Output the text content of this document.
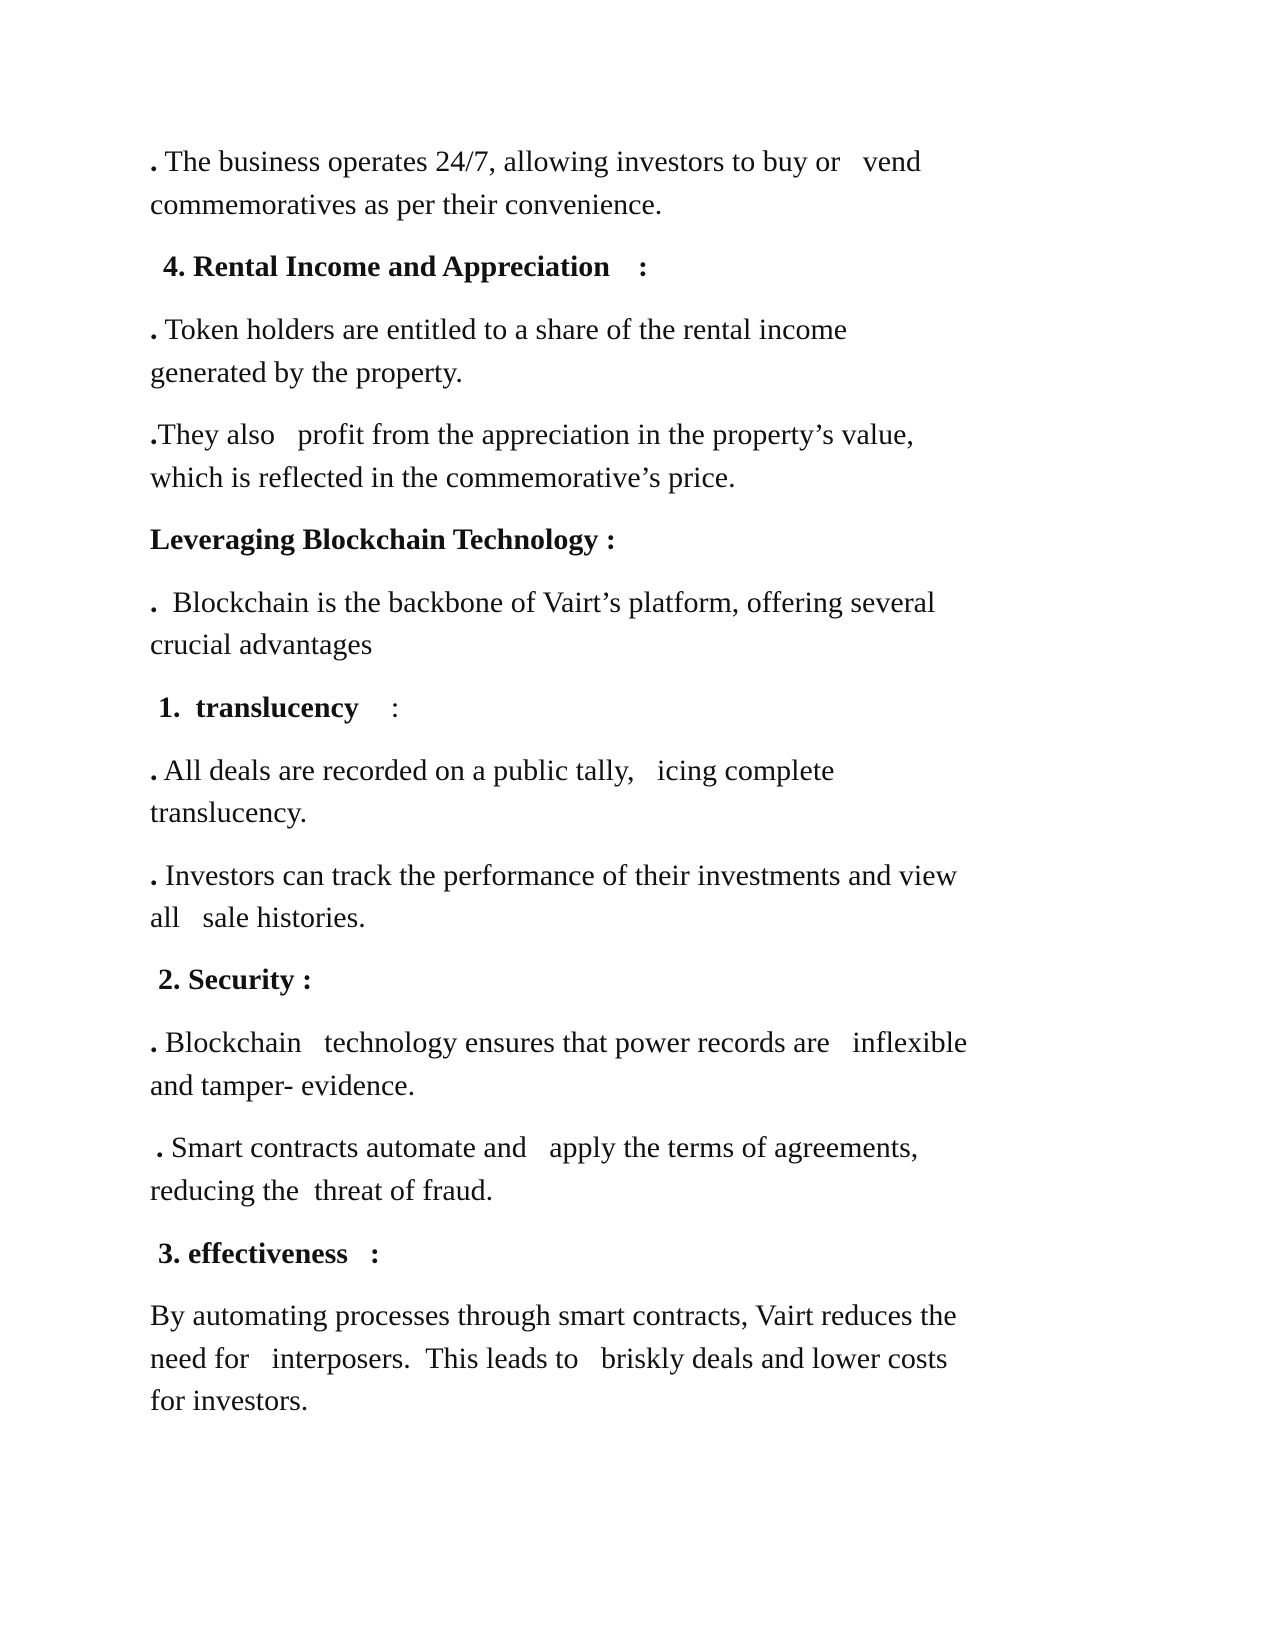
. The business operates 24/7, allowing investors to buy or   vend
commemoratives as per their convenience.
4. Rental Income and Appreciation :
. Token holders are entitled to a share of the rental income
generated by the property.
.They also   profit from the appreciation in the property’s value,
which is reflected in the commemorative’s price.
Leveraging Blockchain Technology :
.  Blockchain is the backbone of Vairt’s platform, offering several
crucial advantages
1. translucency :
. All deals are recorded on a public tally,   icing complete
translucency.
. Investors can track the performance of their investments and view
all   sale histories.
2. Security :
. Blockchain   technology ensures that power records are   inflexible
and tamper- evidence.
. Smart contracts automate and   apply the terms of agreements,
reducing the  threat of fraud.
3. effectiveness :
By automating processes through smart contracts, Vairt reduces the
need for   interposers.  This leads to   briskly deals and lower costs
for investors.
